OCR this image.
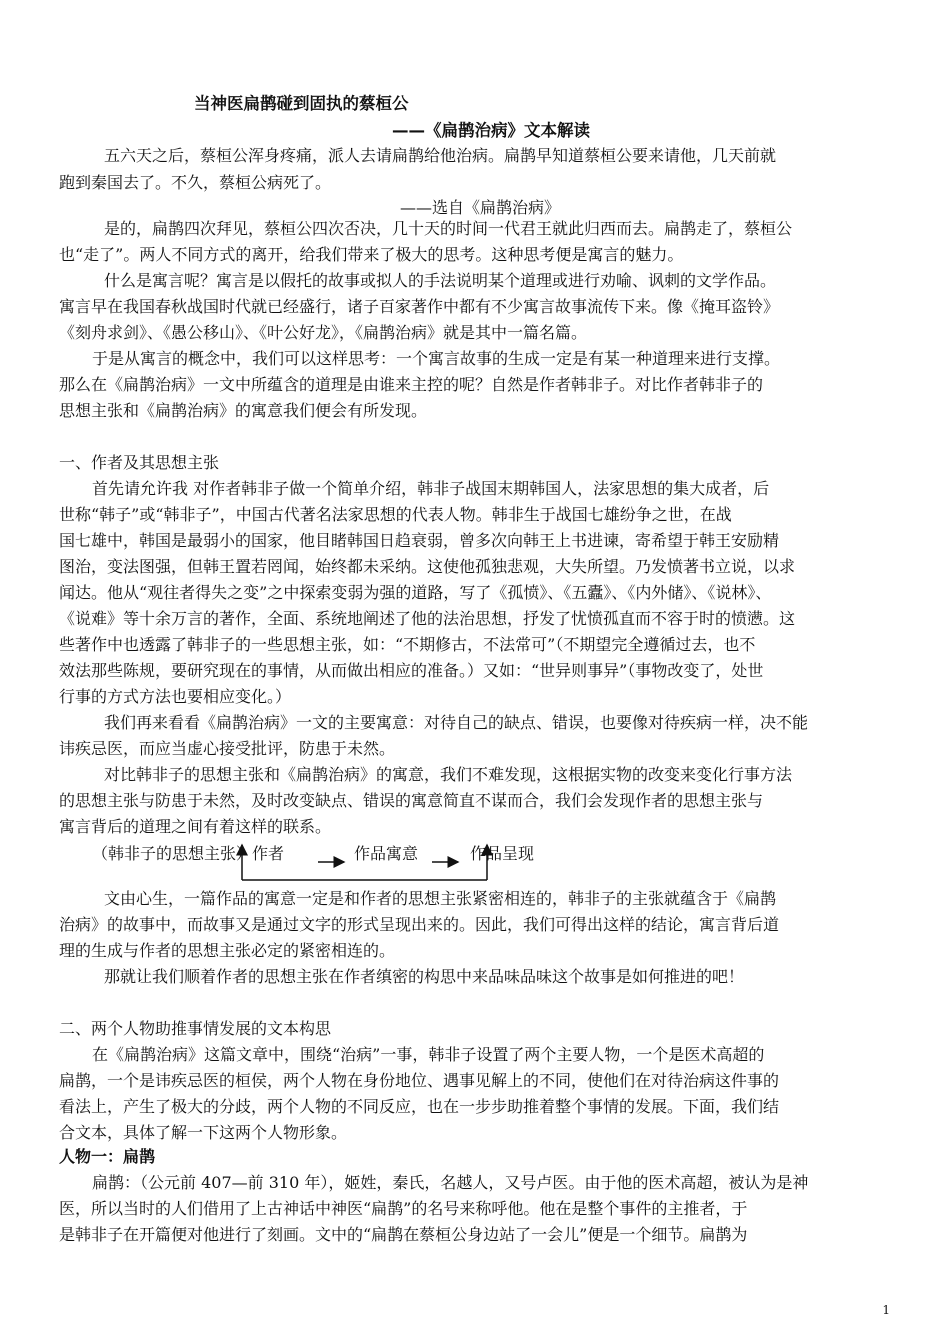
当神医扁鹊碰到固执的蔡桓公
——《扁鹊治病》文本解读
五六天之后，蔡桓公浑身疼痛，派人去请扁鹊给他治病。扁鹊早知道蔡桓公要来请他，几天前就
跑到秦国去了。不久，蔡桓公病死了。
——选自《扁鹊治病》
是的，扁鹊四次拜见，蔡桓公四次否决，几十天的时间一代君王就此归西而去。扁鹊走了，蔡桓公
也“走了”。两人不同方式的离开，给我们带来了极大的思考。这种思考便是寓言的魅力。
什么是寓言呢？寓言是以假托的故事或拟人的手法说明某个道理或进行劝喻、讽刺的文学作品。
寓言早在我国春秋战国时代就已经盛行，诸子百家著作中都有不少寓言故事流传下来。像《掩耳盗铃》
《刻舟求剑》、《愚公移山》、《叶公好龙》，《扁鹊治病》就是其中一篇名篇。
于是从寓言的概念中，我们可以这样思考：一个寓言故事的生成一定是有某一种道理来进行支撑。
那么在《扁鹊治病》一文中所蕴含的道理是由谁来主控的呢？自然是作者韩非子。对比作者韩非子的
思想主张和《扁鹊治病》的寓意我们便会有所发现。
一、作者及其思想主张
首先请允许我 对作者韩非子做一个简单介绍，韩非子战国末期韩国人，法家思想的集大成者，后
世称“韩子”或“韩非子”，中国古代著名法家思想的代表人物。韩非生于战国七雄纷争之世，在战
国七雄中，韩国是最弱小的国家，他目睹韩国日趋衰弱，曾多次向韩王上书进谏，寄希望于韩王安励精
图治，变法图强，但韩王置若罔闻，始终都未采纳。这使他孤独悲观，大失所望。乃发愤著书立说，以求
闻达。他从“观往者得失之变”之中探索变弱为强的道路，写了《孤愤》、《五蠹》、《内外储》、《说林》、
《说难》等十余万言的著作，全面、系统地阐述了他的法治思想，抒发了忧愤孤直而不容于时的愤懑。这
些著作中也透露了韩非子的一些思想主张，如：“不期修古，不法常可”（不期望完全遵循过去，也不
效法那些陈规，要研究现在的事情，从而做出相应的准备。）又如：“世异则事异”（事物改变了，处世
行事的方式方法也要相应变化。）
我们再来看看《扁鹊治病》一文的主要寓意：对待自己的缺点、错误，也要像对待疾病一样，决不能
讳疾忌医，而应当虚心接受批评，防患于未然。
对比韩非子的思想主张和《扁鹊治病》的寓意，我们不难发现，这根据实物的改变来变化行事方法
的思想主张与防患于未然，及时改变缺点、错误的寓意简直不谋而合，我们会发现作者的思想主张与
寓言背后的道理之间有着这样的联系。
（韩非子的思想主张）作者	作品寓意	作品呈现
文由心生，一篇作品的寓意一定是和作者的思想主张紧密相连的，韩非子的主张就蕴含于《扁鹊
治病》的故事中，而故事又是通过文字的形式呈现出来的。因此，我们可得出这样的结论，寓言背后道
理的生成与作者的思想主张必定的紧密相连的。
那就让我们顺着作者的思想主张在作者缜密的构思中来品味品味这个故事是如何推进的吧！
二、两个人物助推事情发展的文本构思
在《扁鹊治病》这篇文章中，围绕“治病”一事，韩非子设置了两个主要人物，一个是医术高超的
扁鹊，一个是讳疾忌医的桓侯，两个人物在身份地位、遇事见解上的不同，使他们在对待治病这件事的
看法上，产生了极大的分歧，两个人物的不同反应，也在一步步助推着整个事情的发展。下面，我们结
合文本，具体了解一下这两个人物形象。
人物一：扁鹊
扁鹊：（公元前 407—前 310 年），姬姓，秦氏，名越人，又号卢医。由于他的医术高超，被认为是神
医，所以当时的人们借用了上古神话中神医“扁鹊”的名号来称呼他。他在是整个事件的主推者，于
是韩非子在开篇便对他进行了刻画。文中的“扁鹊在蔡桓公身边站了一会儿”便是一个细节。扁鹊为
1
